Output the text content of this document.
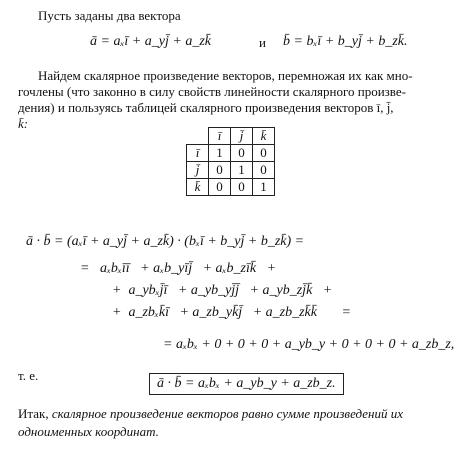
Пусть заданы два вектора
ā = aₓī + a_yj̄ + a_zk̄	и b̄ = bₓī + b_yj̄ + b_zk̄.
Найдем скалярное произведение векторов, перемножая их как мно-
гочлены (что законно в силу свойств линейности скалярного произве-
дения) и пользуясь таблицей скалярного произведения векторов ī, j̄,
k̄:
	ī	j̄	k̄
ī	1	0	0
j̄	0	1	0
k̄	0	0	1
ā · b̄ = (aₓī + a_yj̄ + a_zk̄) · (bₓī + b_yj̄ + b_zk̄) =
=   aₓbₓīī   + aₓb_yīj̄   + aₓb_zīk̄   +
+  a_ybₓj̄ī   + a_yb_yj̄j̄   + a_yb_zj̄k̄   +
+  a_zbₓk̄ī   + a_zb_yk̄j̄   + a_zb_zk̄k̄       =
= aₓbₓ + 0 + 0 + 0 + a_yb_y + 0 + 0 + 0 + a_zb_z,
т. е.
ā · b̄ = aₓbₓ + a_yb_y + a_zb_z.
Итак, скалярное произведение векторов равно сумме произведений их
одноименных координат.
